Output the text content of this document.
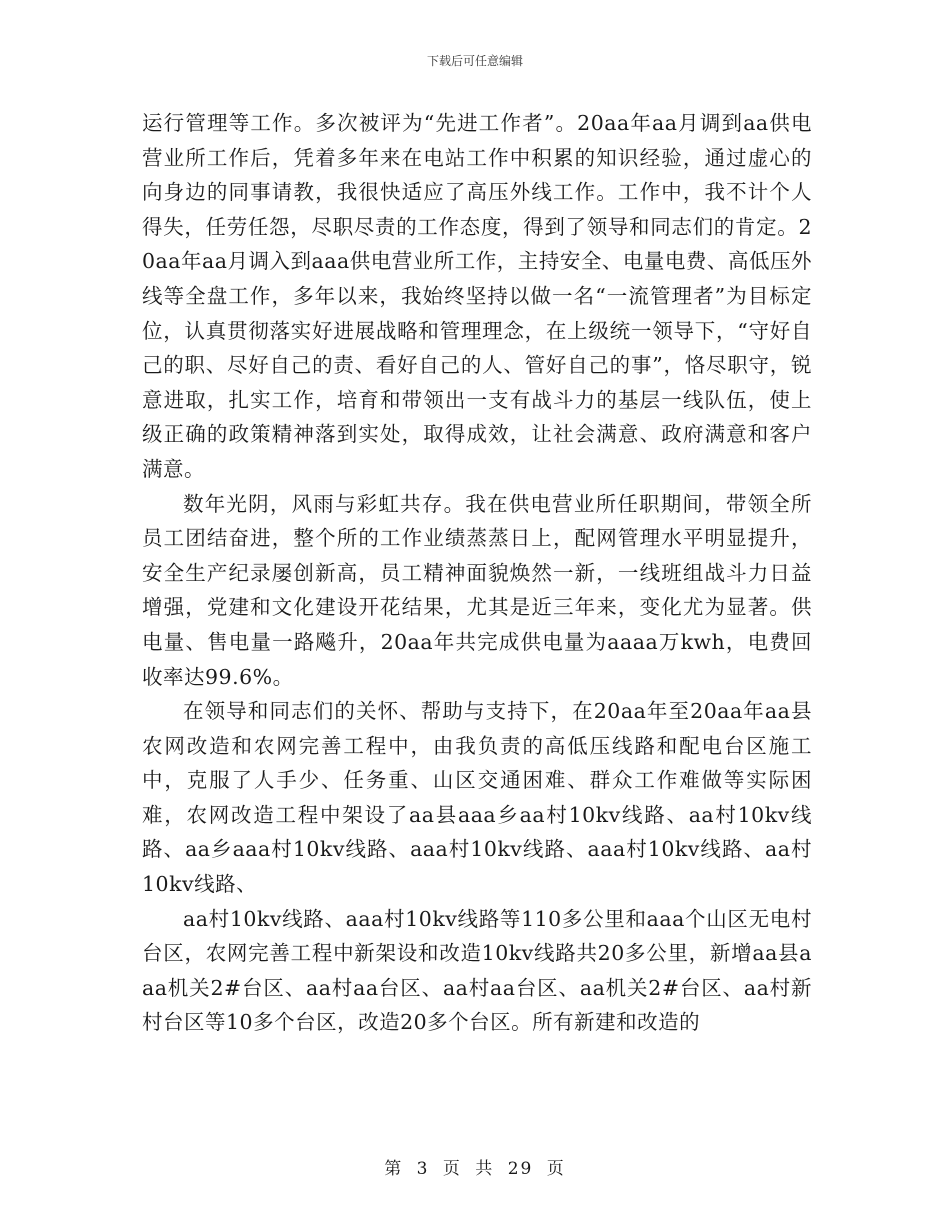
下载后可任意编辑

运行管理等工作。多次被评为“先进工作者”。20aa年aa月调到aa供电营业所工作后，凭着多年来在电站工作中积累的知识经验，通过虚心的向身边的同事请教，我很快适应了高压外线工作。工作中，我不计个人得失，任劳任怨，尽职尽责的工作态度，得到了领导和同志们的肯定。20aa年aa月调入到aaa供电营业所工作，主持安全、电量电费、高低压外线等全盘工作，多年以来，我始终坚持以做一名“一流管理者”为目标定位，认真贯彻落实好进展战略和管理理念，在上级统一领导下，“守好自己的职、尽好自己的责、看好自己的人、管好自己的事”，恪尽职守，锐意进取，扎实工作，培育和带领出一支有战斗力的基层一线队伍，使上级正确的政策精神落到实处，取得成效，让社会满意、政府满意和客户满意。

数年光阴，风雨与彩虹共存。我在供电营业所任职期间，带领全所员工团结奋进，整个所的工作业绩蒸蒸日上，配网管理水平明显提升，安全生产纪录屡创新高，员工精神面貌焕然一新，一线班组战斗力日益增强，党建和文化建设开花结果，尤其是近三年来，变化尤为显著。供电量、售电量一路飚升，20aa年共完成供电量为aaaa万kwh，电费回收率达99.6%。

在领导和同志们的关怀、帮助与支持下，在20aa年至20aa年aa县农网改造和农网完善工程中，由我负责的高低压线路和配电台区施工中，克服了人手少、任务重、山区交通困难、群众工作难做等实际困难，农网改造工程中架设了aa县aaa乡aa村10kv线路、aa村10kv线路、aa乡aaa村10kv线路、aaa村10kv线路、aaa村10kv线路、aa村10kv线路、

aa村10kv线路、aaa村10kv线路等110多公里和aaa个山区无电村台区，农网完善工程中新架设和改造10kv线路共20多公里，新增aa县aaa机关2#台区、aa村aa台区、aa村aa台区、aa机关2#台区、aa村新村台区等10多个台区，改造20多个台区。所有新建和改造的

第 3 页 共 29 页
